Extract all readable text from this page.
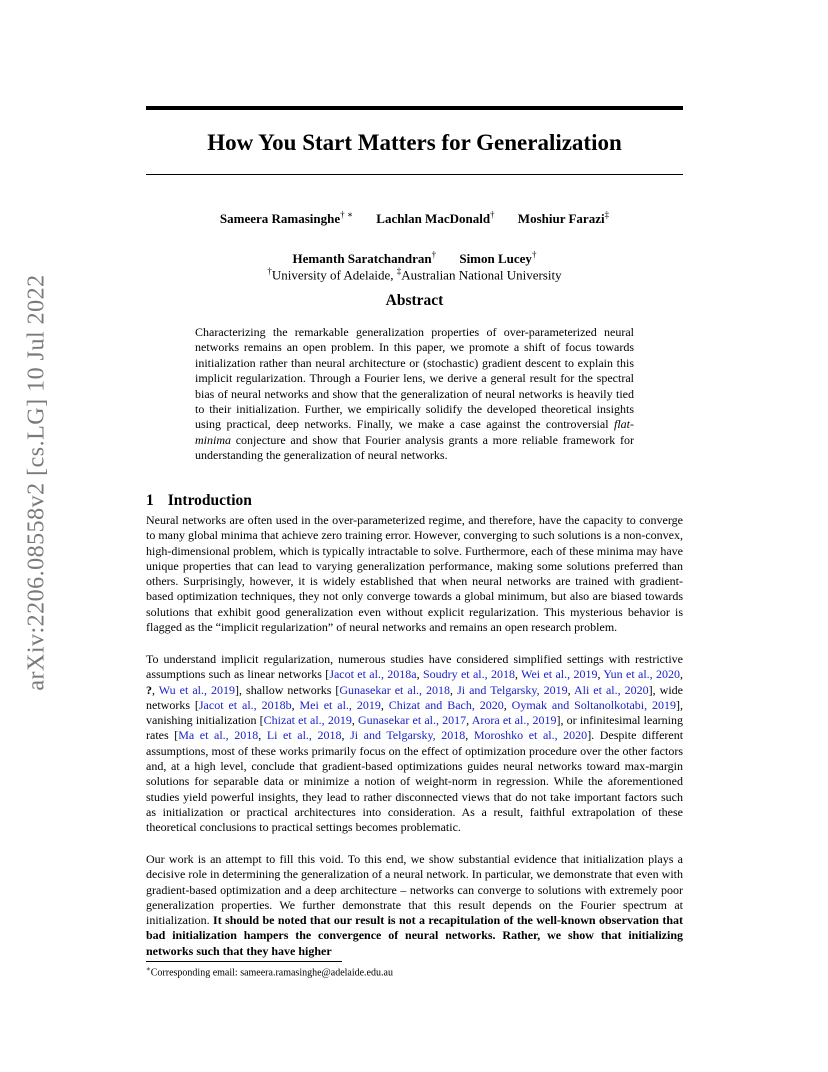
arXiv:2206.08558v2 [cs.LG] 10 Jul 2022
How You Start Matters for Generalization
Sameera Ramasinghe† ∗ Lachlan MacDonald† Moshiur Farazi‡
Hemanth Saratchandran† Simon Lucey†
†University of Adelaide, ‡Australian National University
Abstract
Characterizing the remarkable generalization properties of over-parameterized neural networks remains an open problem. In this paper, we promote a shift of focus towards initialization rather than neural architecture or (stochastic) gradient descent to explain this implicit regularization. Through a Fourier lens, we derive a general result for the spectral bias of neural networks and show that the generalization of neural networks is heavily tied to their initialization. Further, we empirically solidify the developed theoretical insights using practical, deep networks. Finally, we make a case against the controversial flat-minima conjecture and show that Fourier analysis grants a more reliable framework for understanding the generalization of neural networks.
1 Introduction
Neural networks are often used in the over-parameterized regime, and therefore, have the capacity to converge to many global minima that achieve zero training error. However, converging to such solutions is a non-convex, high-dimensional problem, which is typically intractable to solve. Furthermore, each of these minima may have unique properties that can lead to varying generalization performance, making some solutions preferred than others. Surprisingly, however, it is widely established that when neural networks are trained with gradient-based optimization techniques, they not only converge towards a global minimum, but also are biased towards solutions that exhibit good generalization even without explicit regularization. This mysterious behavior is flagged as the “implicit regularization” of neural networks and remains an open research problem.
To understand implicit regularization, numerous studies have considered simplified settings with restrictive assumptions such as linear networks [Jacot et al., 2018a, Soudry et al., 2018, Wei et al., 2019, Yun et al., 2020, ?, Wu et al., 2019], shallow networks [Gunasekar et al., 2018, Ji and Telgarsky, 2019, Ali et al., 2020], wide networks [Jacot et al., 2018b, Mei et al., 2019, Chizat and Bach, 2020, Oymak and Soltanolkotabi, 2019], vanishing initialization [Chizat et al., 2019, Gunasekar et al., 2017, Arora et al., 2019], or infinitesimal learning rates [Ma et al., 2018, Li et al., 2018, Ji and Telgarsky, 2018, Moroshko et al., 2020]. Despite different assumptions, most of these works primarily focus on the effect of optimization procedure over the other factors and, at a high level, conclude that gradient-based optimizations guides neural networks toward max-margin solutions for separable data or minimize a notion of weight-norm in regression. While the aforementioned studies yield powerful insights, they lead to rather disconnected views that do not take important factors such as initialization or practical architectures into consideration. As a result, faithful extrapolation of these theoretical conclusions to practical settings becomes problematic.
Our work is an attempt to fill this void. To this end, we show substantial evidence that initialization plays a decisive role in determining the generalization of a neural network. In particular, we demonstrate that even with gradient-based optimization and a deep architecture – networks can converge to solutions with extremely poor generalization properties. We further demonstrate that this result depends on the Fourier spectrum at initialization. It should be noted that our result is not a recapitulation of the well-known observation that bad initialization hampers the convergence of neural networks. Rather, we show that initializing networks such that they have higher
∗Corresponding email: sameera.ramasinghe@adelaide.edu.au
